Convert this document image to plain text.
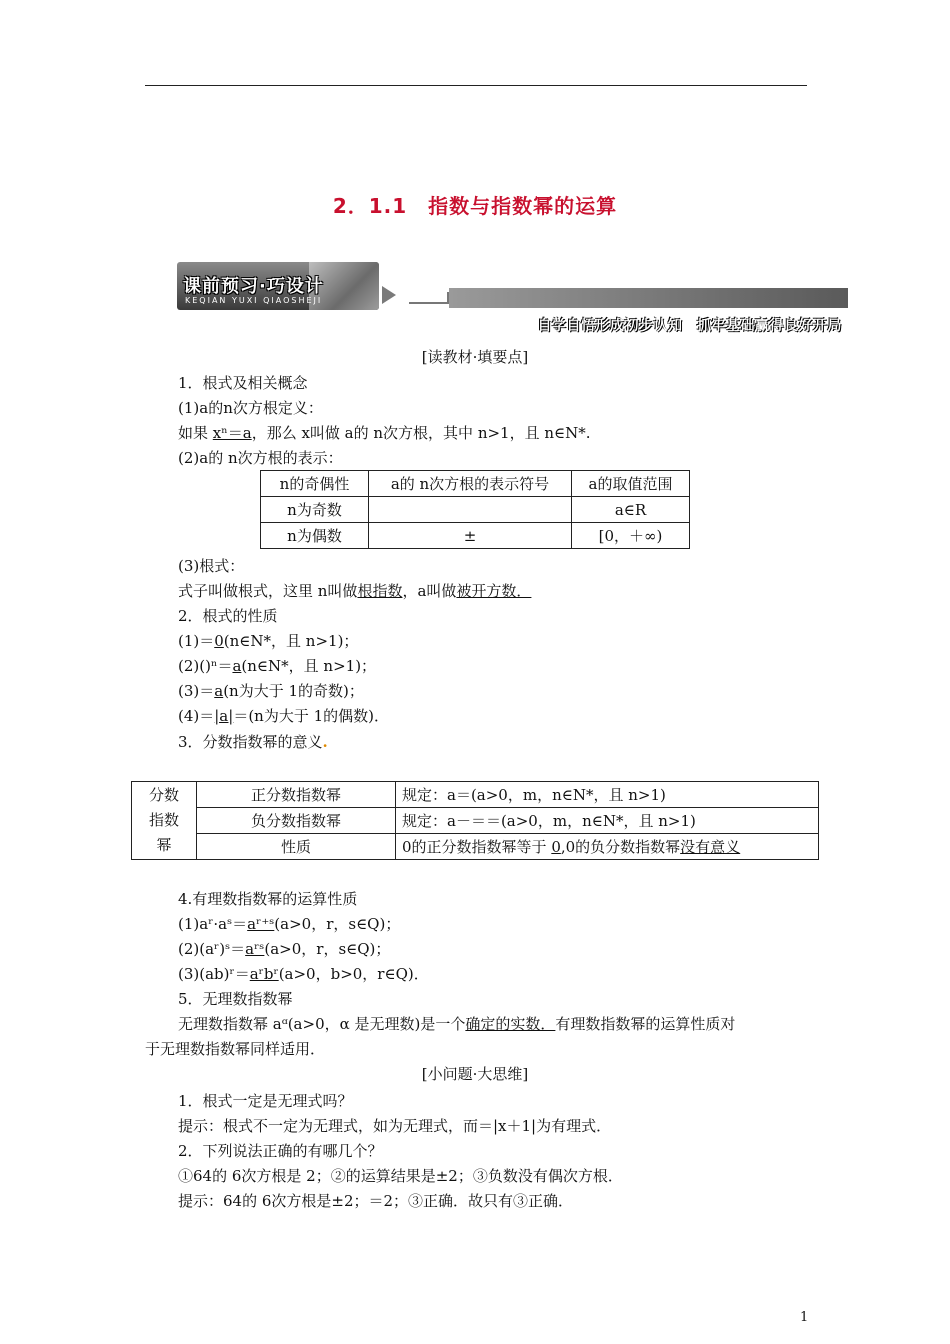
2．1.1　指数与指数幂的运算
课前预习·巧设计
KEQIAN YUXI QIAOSHEJI
自学自悟形成初步认知　抓牢基础赢得良好开局
[读教材·填要点]
1．根式及相关概念
(1)a的n次方根定义：
如果 xⁿ＝a，那么 x叫做 a的 n次方根，其中 n>1，且 n∈N*.
(2)a的 n次方根的表示：
n的奇偶性	a的 n次方根的表示符号	a的取值范围
n为奇数		a∈R
n为偶数	±	[0，＋∞)
(3)根式：
式子叫做根式，这里 n叫做根指数，a叫做被开方数．
2．根式的性质
(1)＝0(n∈N*，且 n>1)；
(2)()ⁿ＝a(n∈N*，且 n>1)；
(3)＝a(n为大于 1的奇数)；
(4)＝|a|＝(n为大于 1的偶数)．
3．分数指数幂的意义.
分数
指数
幂	正分数指数幂	规定：a＝(a>0，m，n∈N*，且 n>1)
	负分数指数幂	规定：a－＝＝(a>0，m，n∈N*，且 n>1)
	性质	0的正分数指数幂等于 0,0的负分数指数幂没有意义
4.有理数指数幂的运算性质
(1)aʳ·aˢ＝aʳ⁺ˢ(a>0，r，s∈Q)；
(2)(aʳ)ˢ＝aʳˢ(a>0，r，s∈Q)；
(3)(ab)ʳ＝aʳbʳ(a>0，b>0，r∈Q)．
5．无理数指数幂
无理数指数幂 aᵅ(a>0，α 是无理数)是一个确定的实数．有理数指数幂的运算性质对
于无理数指数幂同样适用．
[小问题·大思维]
1．根式一定是无理式吗？
提示：根式不一定为无理式，如为无理式，而＝|x＋1|为有理式．
2．下列说法正确的有哪几个？
①64的 6次方根是 2；②的运算结果是±2；③负数没有偶次方根．
提示：64的 6次方根是±2；＝2；③正确．故只有③正确．
1
